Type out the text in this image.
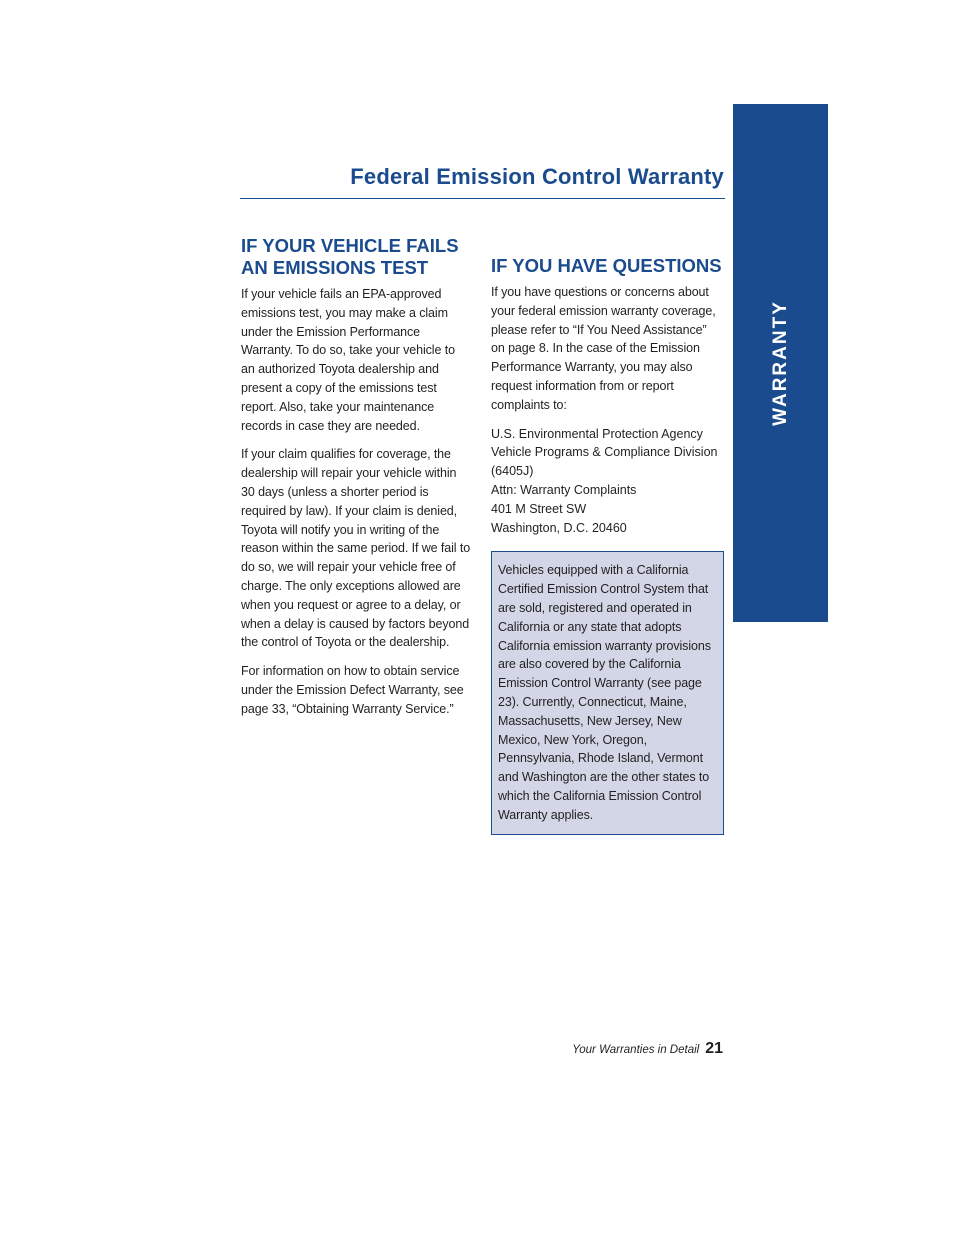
WARRANTY
Federal Emission Control Warranty
IF YOUR VEHICLE FAILS
AN EMISSIONS TEST

If your vehicle fails an EPA-approved emissions test, you may make a claim under the Emission Performance Warranty. To do so, take your vehicle to an authorized Toyota dealership and present a copy of the emissions test report. Also, take your maintenance records in case they are needed.

If your claim qualifies for coverage, the dealership will repair your vehicle within 30 days (unless a shorter period is required by law). If your claim is denied, Toyota will notify you in writing of the reason within the same period. If we fail to do so, we will repair your vehicle free of charge. The only exceptions allowed are when you request or agree to a delay, or when a delay is caused by factors beyond the control of Toyota or the dealership.

For information on how to obtain service under the Emission Defect Warranty, see page 33, “Obtaining Warranty Service.”

IF YOU HAVE QUESTIONS

If you have questions or concerns about your federal emission warranty coverage, please refer to “If You Need Assistance” on page 8. In the case of the Emission Performance Warranty, you may also request information from or report complaints to:

U.S. Environmental Protection Agency
Vehicle Programs & Compliance Division
(6405J)
Attn: Warranty Complaints
401 M Street SW
Washington, D.C. 20460

Vehicles equipped with a California Certified Emission Control System that are sold, registered and operated in California or any state that adopts California emission warranty provisions are also covered by the California Emission Control Warranty (see page 23). Currently, Connecticut, Maine, Massachusetts, New Jersey, New Mexico, New York, Oregon, Pennsylvania, Rhode Island, Vermont and Washington are the other states to which the California Emission Control Warranty applies.

Your Warranties in Detail 21
